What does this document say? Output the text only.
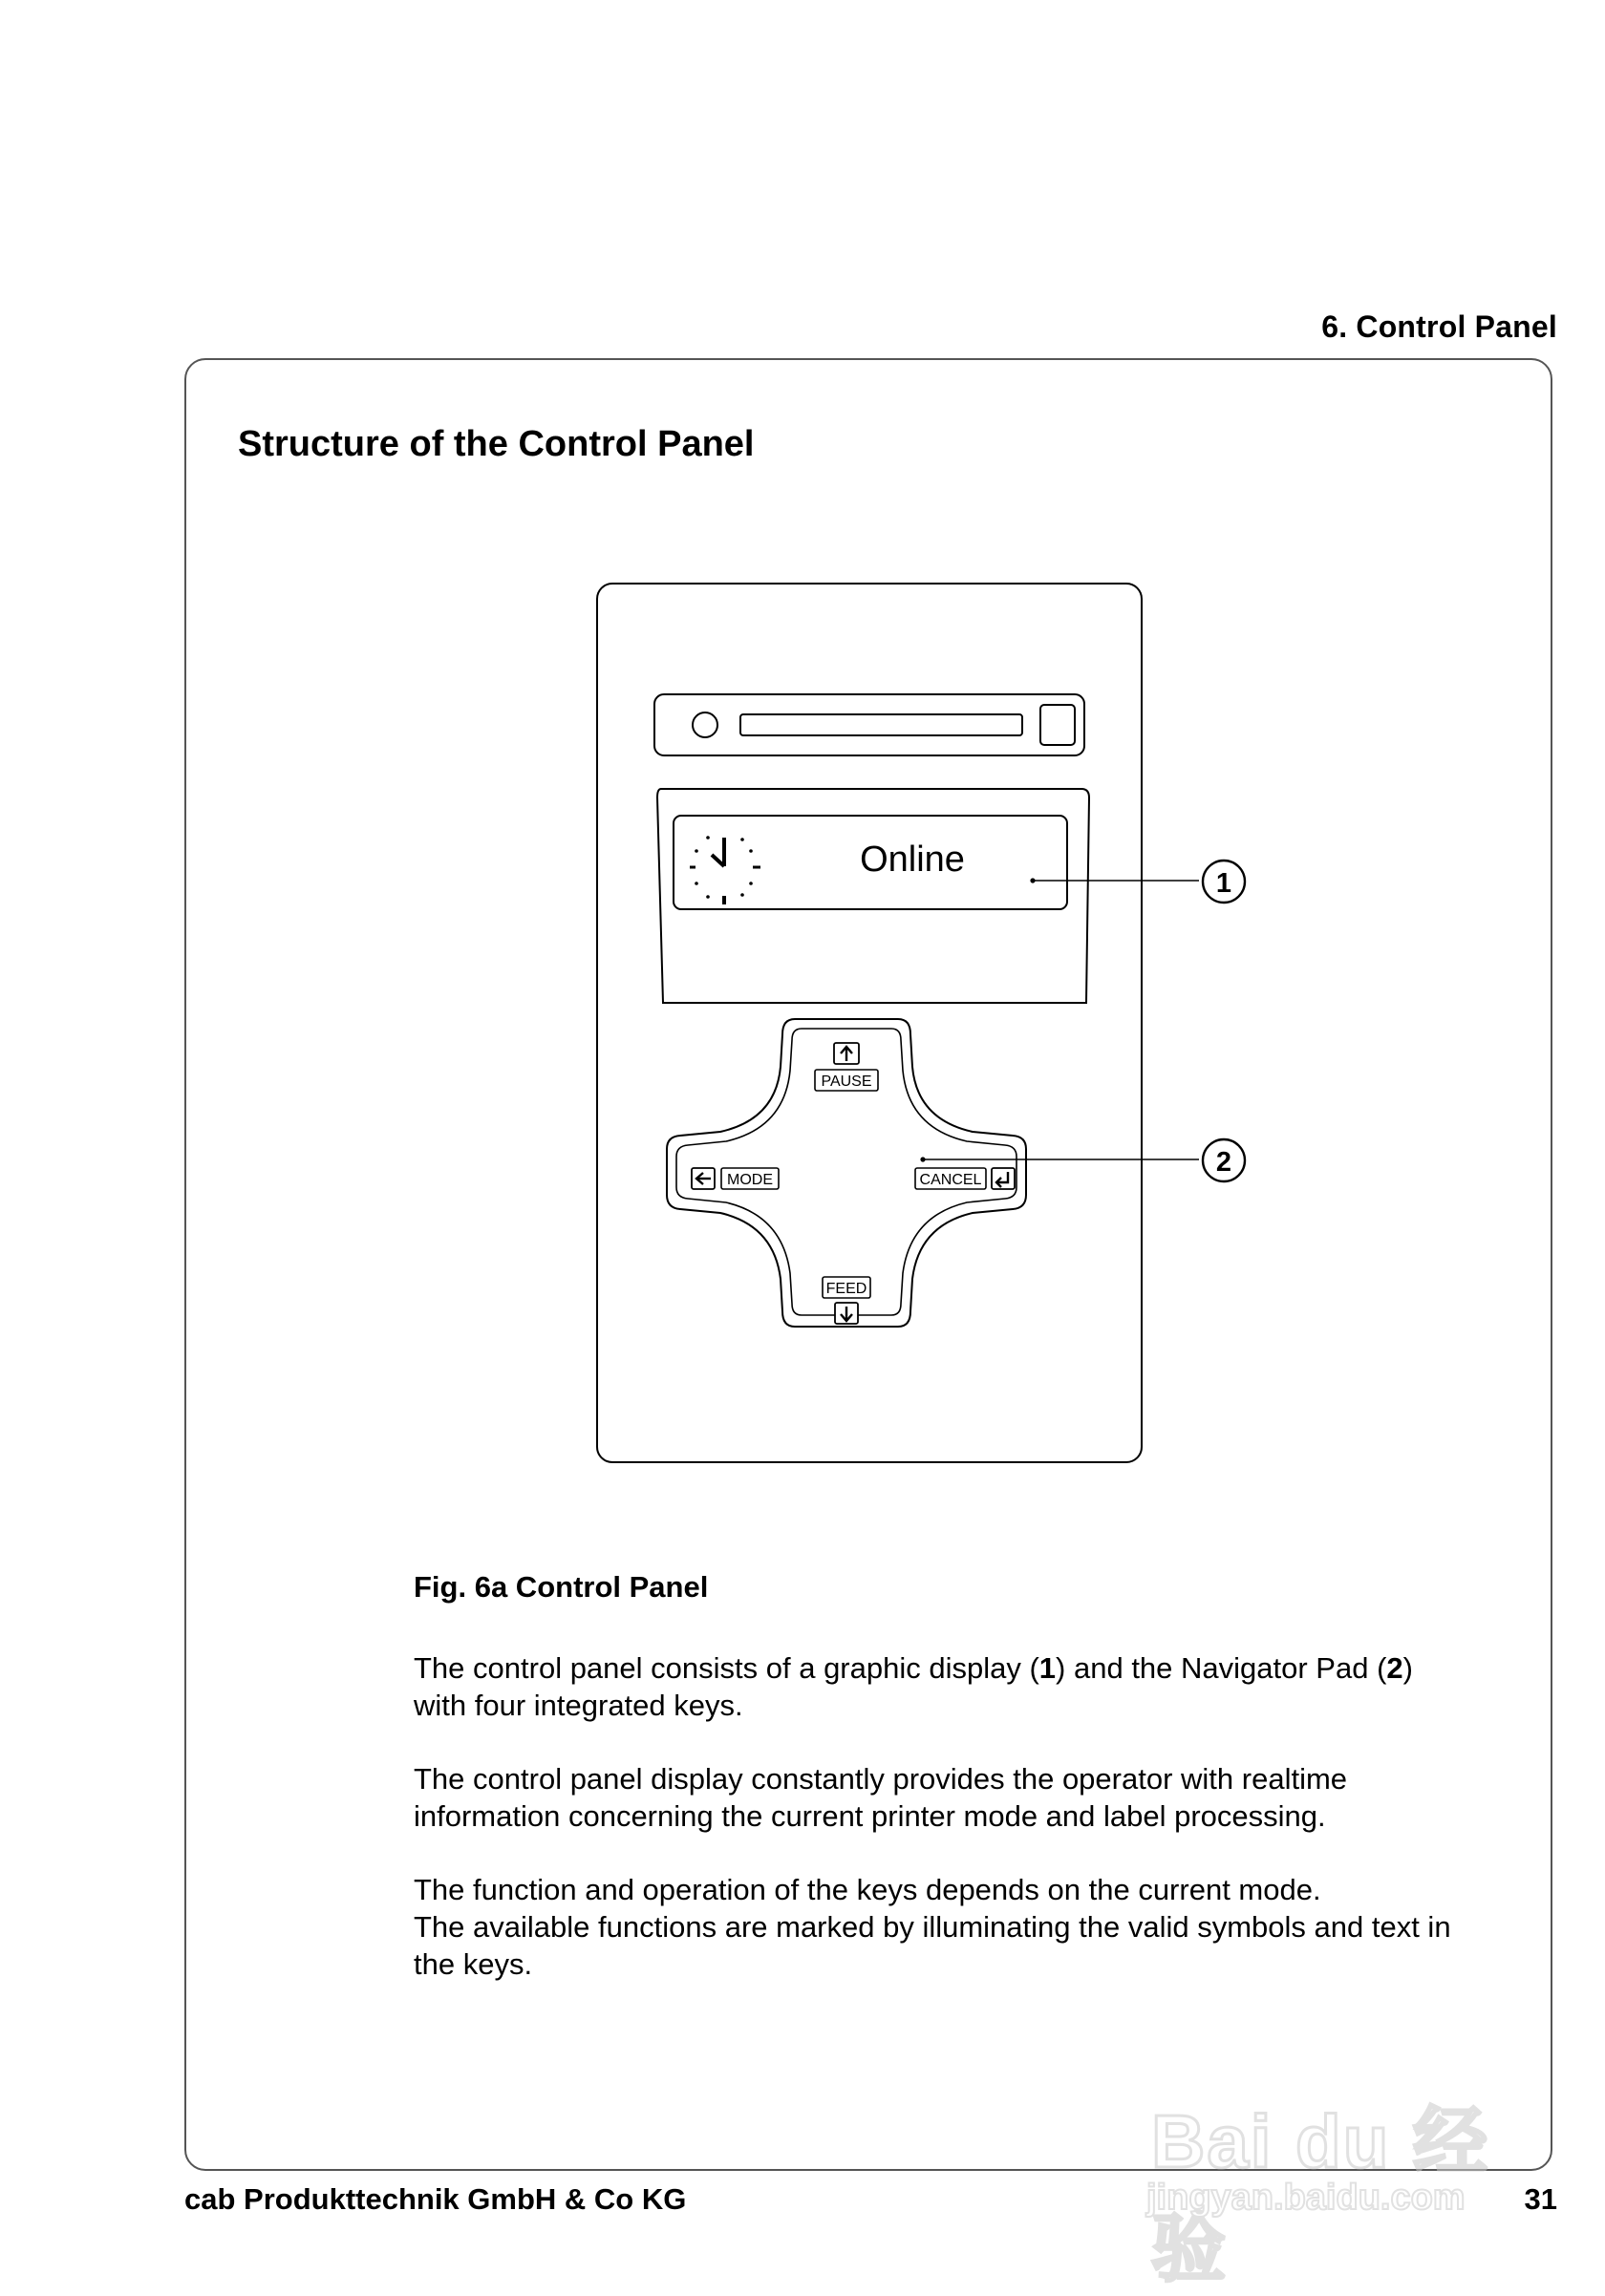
6. Control Panel
Structure of the Control Panel
Online
1
PAUSE
MODE	CANCEL
FEED
2
Fig. 6a Control Panel

The control panel consists of a graphic display (1) and the Navigator Pad (2)

with four integrated keys.

The control panel display constantly provides the operator with realtime

information concerning the current printer mode and label processing.

The function and operation of the keys depends on the current mode.

The available functions are marked by illuminating the valid symbols and text in

the keys.

cab Produkttechnik GmbH & Co KG	31
Bai du 经验
jingyan.baidu.com
